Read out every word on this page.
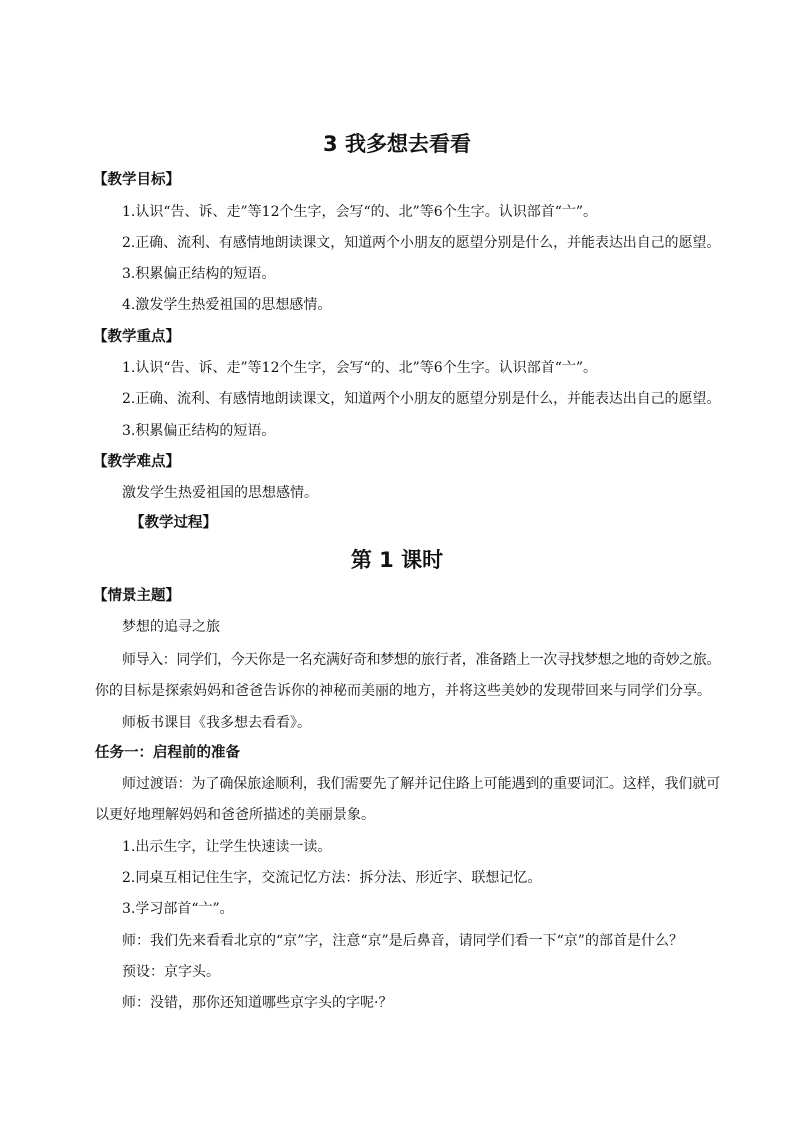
3 我多想去看看
【教学目标】
1.认识“告、诉、走”等12个生字，会写“的、北”等6个生字。认识部首“亠”。
2.正确、流利、有感情地朗读课文，知道两个小朋友的愿望分别是什么，并能表达出自己的愿望。
3.积累偏正结构的短语。
4.激发学生热爱祖国的思想感情。
【教学重点】
1.认识“告、诉、走”等12个生字，会写“的、北”等6个生字。认识部首“亠”。
2.正确、流利、有感情地朗读课文，知道两个小朋友的愿望分别是什么，并能表达出自己的愿望。
3.积累偏正结构的短语。
【教学难点】
激发学生热爱祖国的思想感情。
【教学过程】
第 1 课时
【情景主题】
梦想的追寻之旅
师导入：同学们，今天你是一名充满好奇和梦想的旅行者，准备踏上一次寻找梦想之地的奇妙之旅。
你的目标是探索妈妈和爸爸告诉你的神秘而美丽的地方，并将这些美妙的发现带回来与同学们分享。
师板书课目《我多想去看看》。
任务一：启程前的准备
师过渡语：为了确保旅途顺利，我们需要先了解并记住路上可能遇到的重要词汇。这样，我们就可
以更好地理解妈妈和爸爸所描述的美丽景象。
1.出示生字，让学生快速读一读。
2.同桌互相记住生字，交流记忆方法：拆分法、形近字、联想记忆。
3.学习部首“亠”。
师：我们先来看看北京的“京”字，注意“京”是后鼻音，请同学们看一下“京”的部首是什么？
预设：京字头。
师：没错，那你还知道哪些京字头的字呢·？
